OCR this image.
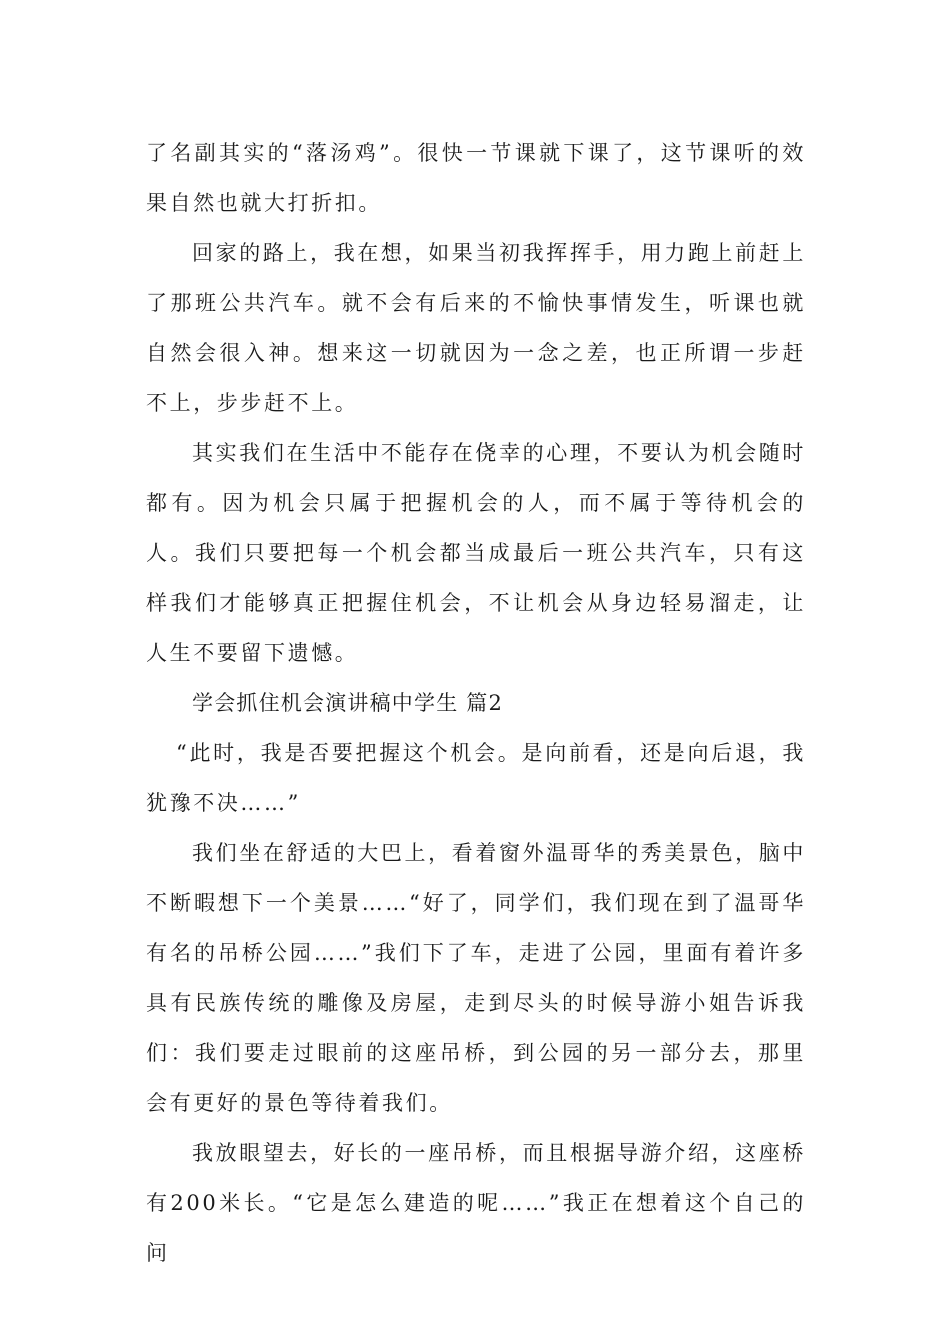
了名副其实的“落汤鸡”。很快一节课就下课了，这节课听的效果自然也就大打折扣。

回家的路上，我在想，如果当初我挥挥手，用力跑上前赶上了那班公共汽车。就不会有后来的不愉快事情发生，听课也就自然会很入神。想来这一切就因为一念之差，也正所谓一步赶不上，步步赶不上。

其实我们在生活中不能存在侥幸的心理，不要认为机会随时都有。因为机会只属于把握机会的人，而不属于等待机会的人。我们只要把每一个机会都当成最后一班公共汽车，只有这样我们才能够真正把握住机会，不让机会从身边轻易溜走，让人生不要留下遗憾。

学会抓住机会演讲稿中学生 篇2

“此时，我是否要把握这个机会。是向前看，还是向后退，我犹豫不决……”

我们坐在舒适的大巴上，看着窗外温哥华的秀美景色，脑中不断暇想下一个美景……“好了，同学们，我们现在到了温哥华有名的吊桥公园……”我们下了车，走进了公园，里面有着许多具有民族传统的雕像及房屋，走到尽头的时候导游小姐告诉我们：我们要走过眼前的这座吊桥，到公园的另一部分去，那里会有更好的景色等待着我们。

我放眼望去，好长的一座吊桥，而且根据导游介绍，这座桥有200米长。“它是怎么建造的呢……”我正在想着这个自己的问
